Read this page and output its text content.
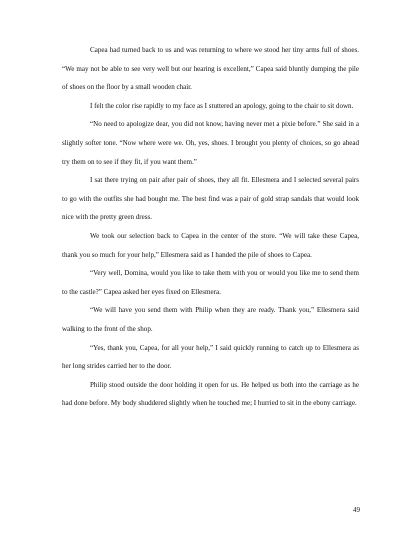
Capea had turned back to us and was returning to where we stood her tiny arms full of shoes. “We may not be able to see very well but our hearing is excellent,” Capea said bluntly dumping the pile of shoes on the floor by a small wooden chair.

I felt the color rise rapidly to my face as I stuttered an apology, going to the chair to sit down.

“No need to apologize dear, you did not know, having never met a pixie before.” She said in a slightly softer tone. “Now where were we. Oh, yes, shoes. I brought you plenty of choices, so go ahead try them on to see if they fit, if you want them.”

I sat there trying on pair after pair of shoes, they all fit. Ellesmera and I selected several pairs to go with the outfits she had bought me. The best find was a pair of gold strap sandals that would look nice with the pretty green dress.

We took our selection back to Capea in the center of the store. “We will take these Capea, thank you so much for your help,” Ellesmera said as I handed the pile of shoes to Capea.

“Very well, Domina, would you like to take them with you or would you like me to send them to the castle?” Capea asked her eyes fixed on Ellesmera.

“We will have you send them with Philip when they are ready. Thank you,” Ellesmera said walking to the front of the shop.

“Yes, thank you, Capea, for all your help,” I said quickly running to catch up to Ellesmera as her long strides carried her to the door.

Philip stood outside the door holding it open for us. He helped us both into the carriage as he had done before. My body shuddered slightly when he touched me; I hurried to sit in the ebony carriage.

49
